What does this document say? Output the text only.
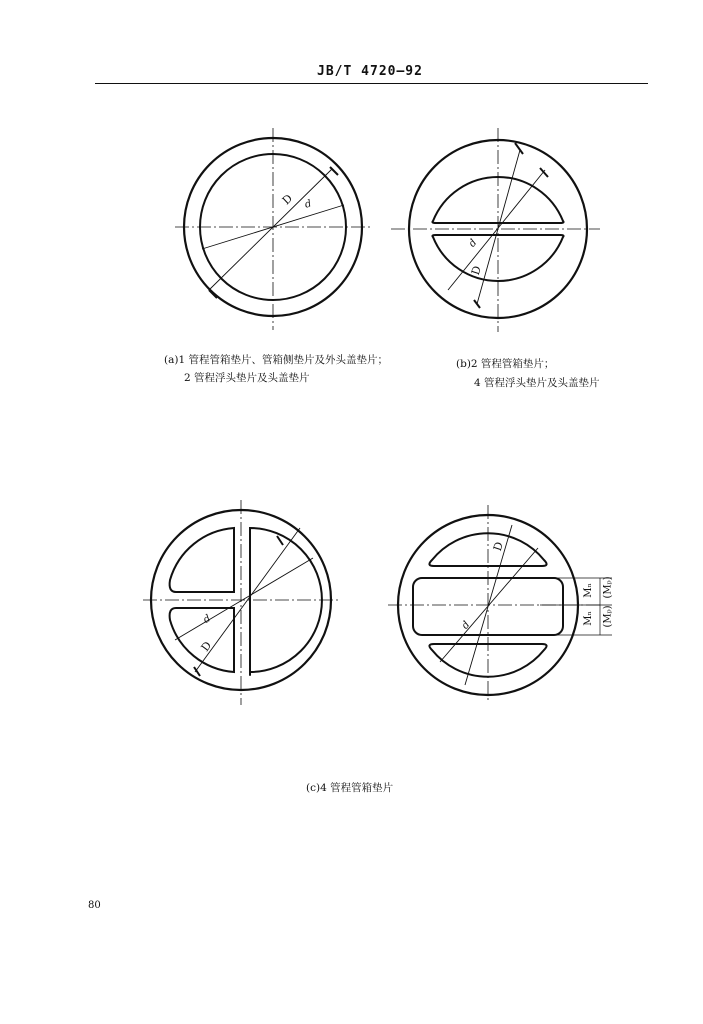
JB/T 4720—92
D d
D
d
D
d
D
d
Mₙ (Mₚ)
Mₙ (Mₚ)
(a)1 管程管箱垫片、管箱侧垫片及外头盖垫片；
2 管程浮头垫片及头盖垫片
(b)2 管程管箱垫片；
4 管程浮头垫片及头盖垫片
(c)4 管程管箱垫片
80
